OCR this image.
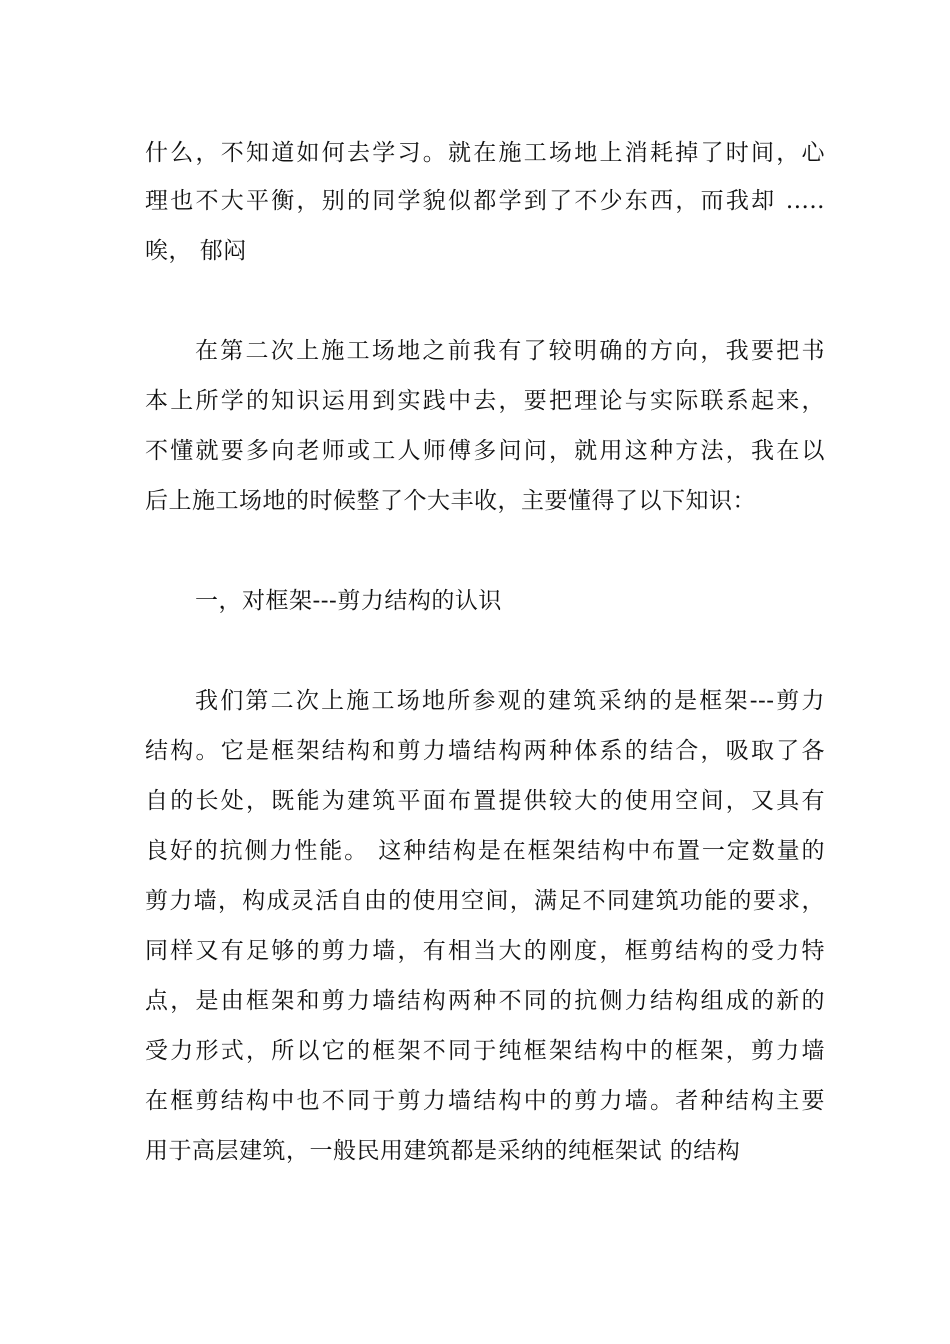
什么，不知道如何去学习。就在施工场地上消耗掉了时间，心
理也不大平衡，别的同学貌似都学到了不少东西，而我却 .....
唉， 郁闷
在第二次上施工场地之前我有了较明确的方向，我要把书
本上所学的知识运用到实践中去，要把理论与实际联系起来，
不懂就要多向老师或工人师傅多问问，就用这种方法，我在以
后上施工场地的时候整了个大丰收，主要懂得了以下知识：
一，对框架---剪力结构的认识
我们第二次上施工场地所参观的建筑采纳的是框架---剪力
结构。它是框架结构和剪力墙结构两种体系的结合，吸取了各
自的长处，既能为建筑平面布置提供较大的使用空间，又具有
良好的抗侧力性能。 这种结构是在框架结构中布置一定数量的
剪力墙，构成灵活自由的使用空间，满足不同建筑功能的要求，
同样又有足够的剪力墙，有相当大的刚度，框剪结构的受力特
点，是由框架和剪力墙结构两种不同的抗侧力结构组成的新的
受力形式，所以它的框架不同于纯框架结构中的框架，剪力墙
在框剪结构中也不同于剪力墙结构中的剪力墙。者种结构主要
用于高层建筑，一般民用建筑都是采纳的纯框架试 的结构
